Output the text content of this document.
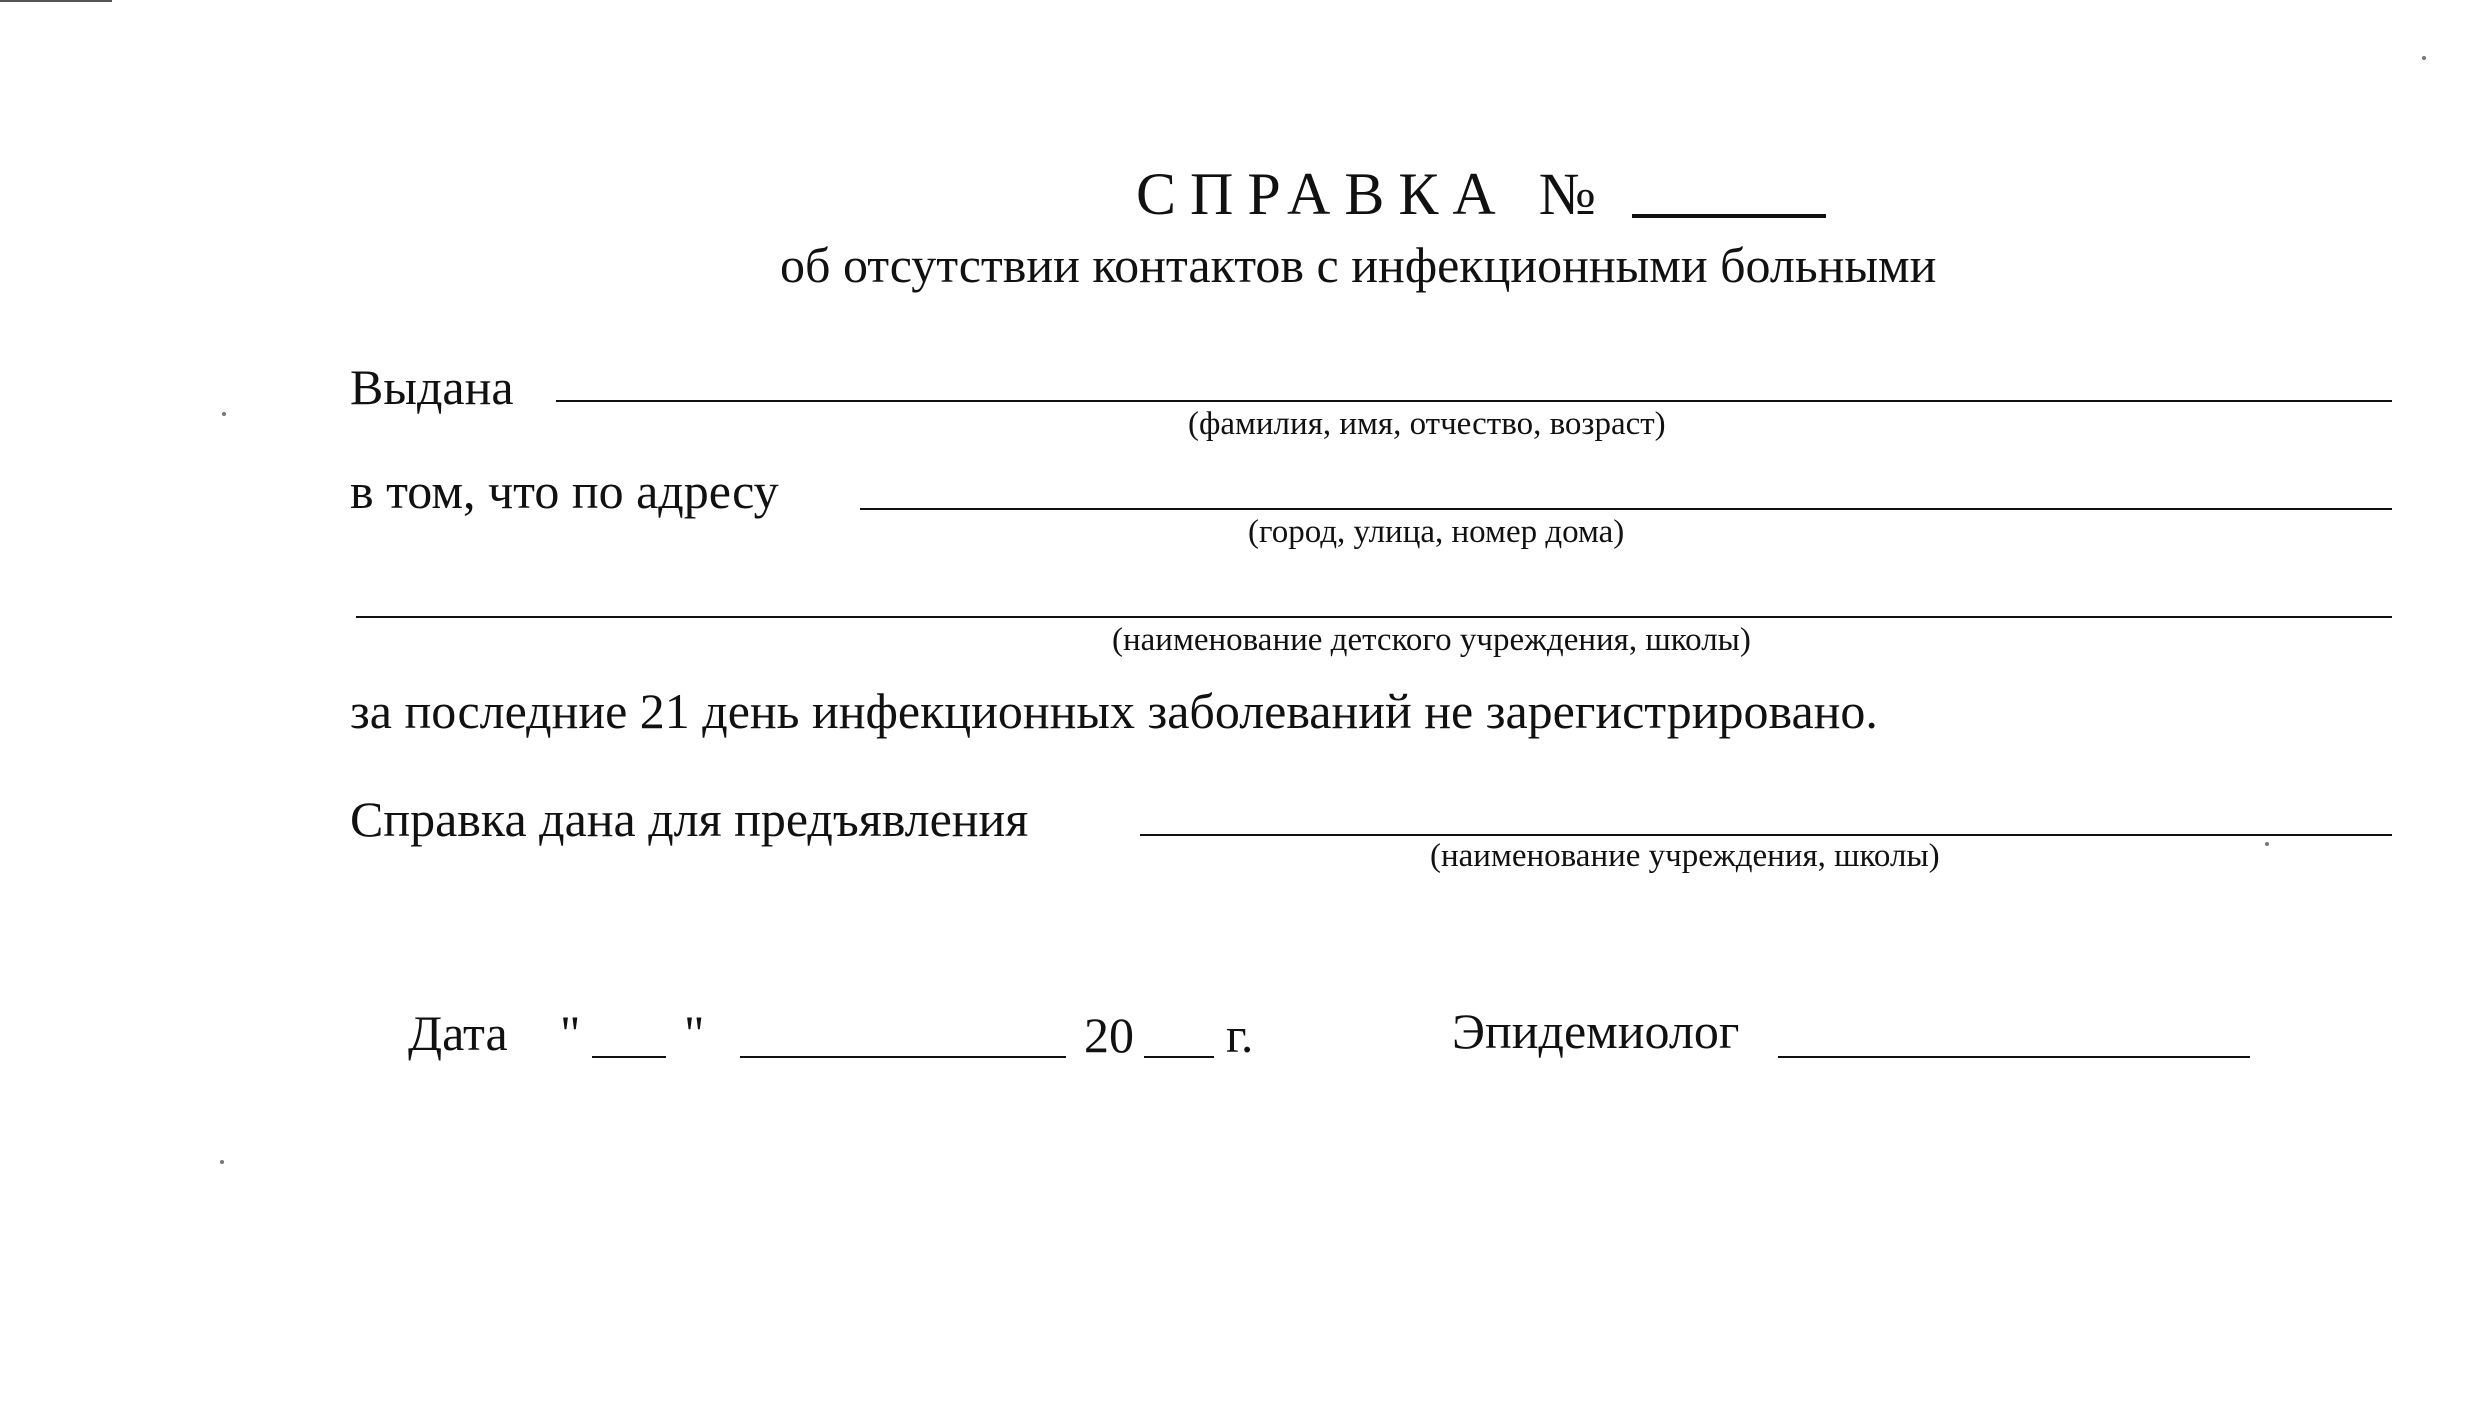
СПРАВКА №
об отсутствии контактов с инфекционными больными
Выдана
(фамилия, имя, отчество, возраст)
в том, что по адресу
(город, улица, номер дома)
(наименование детского учреждения, школы)
за последние 21 день инфекционных заболеваний не зарегистрировано.
Справка дана для предъявления
(наименование учреждения, школы)
Дата " "	20 г.	Эпидемиолог
